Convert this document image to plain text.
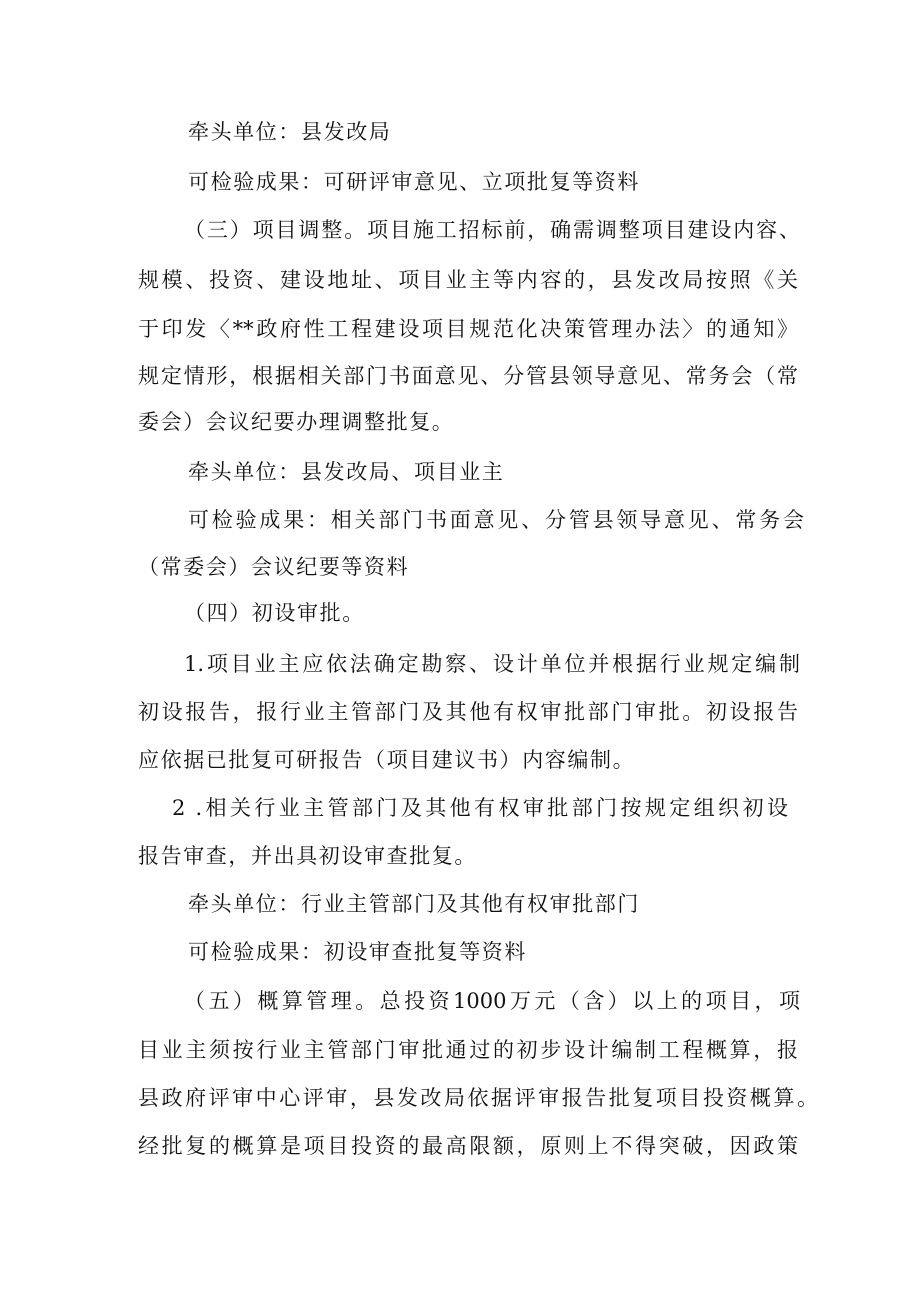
牵头单位：县发改局

可检验成果：可研评审意见、立项批复等资料

（三）项目调整。项目施工招标前，确需调整项目建设内容、

规模、投资、建设地址、项目业主等内容的，县发改局按照《关

于印发〈**政府性工程建设项目规范化决策管理办法〉的通知》

规定情形，根据相关部门书面意见、分管县领导意见、常务会（常

委会）会议纪要办理调整批复。

牵头单位：县发改局、项目业主

可检验成果：相关部门书面意见、分管县领导意见、常务会

（常委会）会议纪要等资料

（四）初设审批。

1.项目业主应依法确定勘察、设计单位并根据行业规定编制

初设报告，报行业主管部门及其他有权审批部门审批。初设报告

应依据已批复可研报告（项目建议书）内容编制。

2 .相关行业主管部门及其他有权审批部门按规定组织初设

报告审查，并出具初设审查批复。

牵头单位：行业主管部门及其他有权审批部门

可检验成果：初设审查批复等资料

（五）概算管理。总投资1000万元（含）以上的项目，项

目业主须按行业主管部门审批通过的初步设计编制工程概算，报

县政府评审中心评审，县发改局依据评审报告批复项目投资概算。

经批复的概算是项目投资的最高限额，原则上不得突破，因政策
